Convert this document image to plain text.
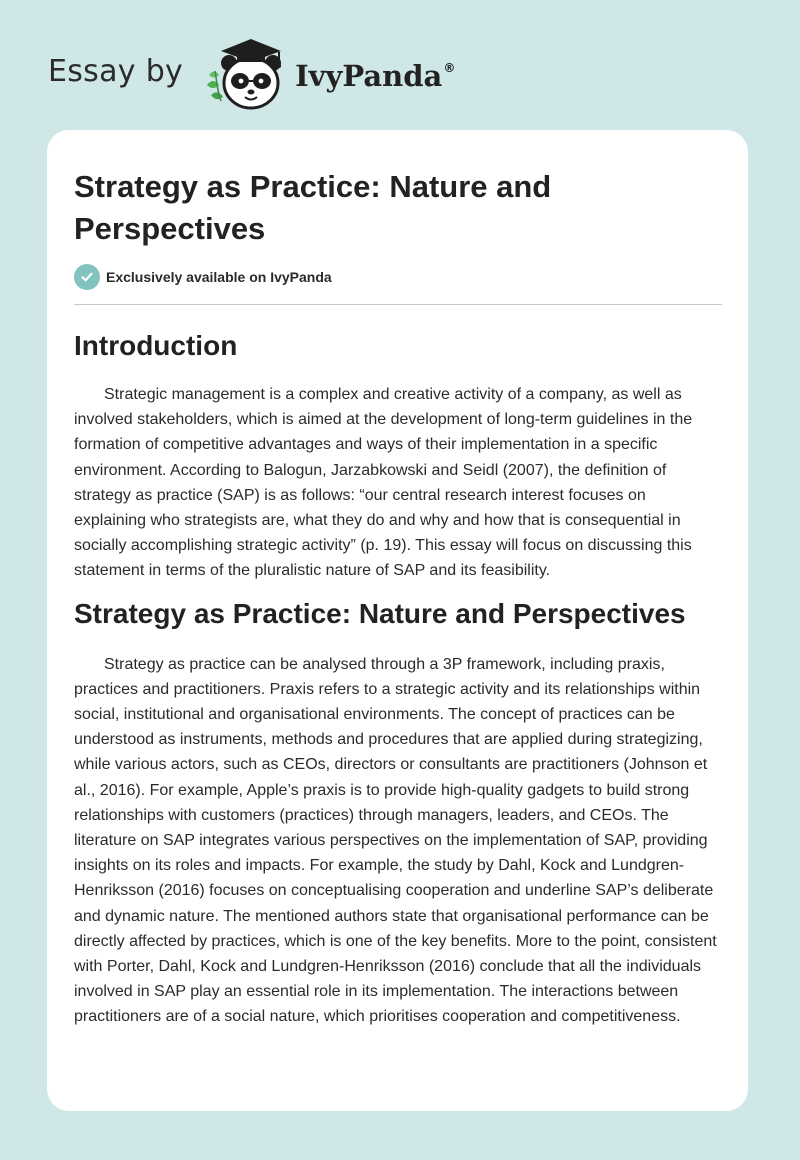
Essay by	IvyPanda®
Strategy as Practice: Nature and Perspectives
Exclusively available on IvyPanda
Introduction

Strategic management is a complex and creative activity of a company, as well as involved stakeholders, which is aimed at the development of long-term guidelines in the formation of competitive advantages and ways of their implementation in a specific environment. According to Balogun, Jarzabkowski and Seidl (2007), the definition of strategy as practice (SAP) is as follows: “our central research interest focuses on explaining who strategists are, what they do and why and how that is consequential in socially accomplishing strategic activity” (p. 19). This essay will focus on discussing this statement in terms of the pluralistic nature of SAP and its feasibility.

Strategy as Practice: Nature and Perspectives

Strategy as practice can be analysed through a 3P framework, including praxis, practices and practitioners. Praxis refers to a strategic activity and its relationships within social, institutional and organisational environments. The concept of practices can be understood as instruments, methods and procedures that are applied during strategizing, while various actors, such as CEOs, directors or consultants are practitioners (Johnson et al., 2016). For example, Apple’s praxis is to provide high-quality gadgets to build strong relationships with customers (practices) through managers, leaders, and CEOs. The literature on SAP integrates various perspectives on the implementation of SAP, providing insights on its roles and impacts. For example, the study by Dahl, Kock and Lundgren-Henriksson (2016) focuses on conceptualising cooperation and underline SAP’s deliberate and dynamic nature. The mentioned authors state that organisational performance can be directly affected by practices, which is one of the key benefits. More to the point, consistent with Porter, Dahl, Kock and Lundgren-Henriksson (2016) conclude that all the individuals involved in SAP play an essential role in its implementation. The interactions between practitioners are of a social nature, which prioritises cooperation and competitiveness.
